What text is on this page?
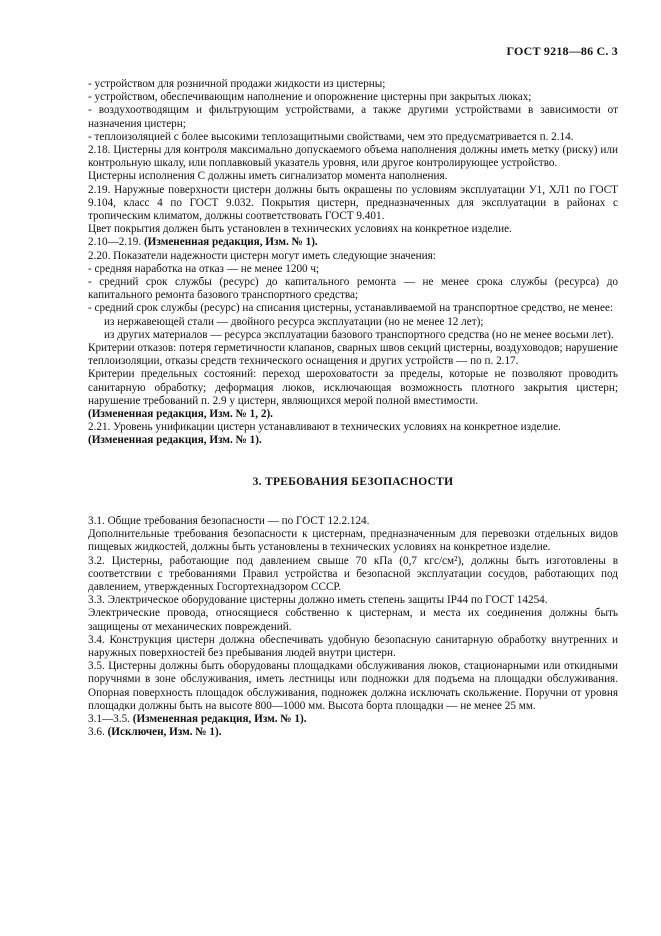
ГОСТ 9218—86 С. 3

- устройством для розничной продажи жидкости из цистерны;

- устройством, обеспечивающим наполнение и опорожнение цистерны при закрытых люках;

- воздухоотводящим и фильтрующим устройствами, а также другими устройствами в зависимости от назначения цистерн;

- теплоизоляцией с более высокими теплозащитными свойствами, чем это предусматривается п. 2.14.

2.18. Цистерны для контроля максимально допускаемого объема наполнения должны иметь метку (риску) или контрольную шкалу, или поплавковый указатель уровня, или другое контролирующее устройство.

Цистерны исполнения С должны иметь сигнализатор момента наполнения.

2.19. Наружные поверхности цистерн должны быть окрашены по условиям эксплуатации У1, ХЛ1 по ГОСТ 9.104, класс 4 по ГОСТ 9.032. Покрытия цистерн, предназначенных для эксплуатации в районах с тропическим климатом, должны соответствовать ГОСТ 9.401.

Цвет покрытия должен быть установлен в технических условиях на конкретное изделие.

2.10—2.19. (Измененная редакция, Изм. № 1).

2.20. Показатели надежности цистерн могут иметь следующие значения:

- средняя наработка на отказ — не менее 1200 ч;

- средний срок службы (ресурс) до капитального ремонта — не менее срока службы (ресурса) до капитального ремонта базового транспортного средства;

- средний срок службы (ресурс) на списания цистерны, устанавливаемой на транспортное средство, не менее:

из нержавеющей стали — двойного ресурса эксплуатации (но не менее 12 лет);

из других материалов — ресурса эксплуатации базового транспортного средства (но не менее восьми лет).

Критерии отказов: потеря герметичности клапанов, сварных швов секций цистерны, воздуховодов; нарушение теплоизоляции, отказы средств технического оснащения и других устройств — по п. 2.17.

Критерии предельных состояний: переход шероховатости за пределы, которые не позволяют проводить санитарную обработку; деформация люков, исключающая возможность плотного закрытия цистерн; нарушение требований п. 2.9 у цистерн, являющихся мерой полной вместимости.

(Измененная редакция, Изм. № 1, 2).

2.21. Уровень унификации цистерн устанавливают в технических условиях на конкретное изделие.

(Измененная редакция, Изм. № 1).

3. ТРЕБОВАНИЯ БЕЗОПАСНОСТИ

3.1. Общие требования безопасности — по ГОСТ 12.2.124.

Дополнительные требования безопасности к цистернам, предназначенным для перевозки отдельных видов пищевых жидкостей, должны быть установлены в технических условиях на конкретное изделие.

3.2. Цистерны, работающие под давлением свыше 70 кПа (0,7 кгс/см²), должны быть изготовлены в соответствии с требованиями Правил устройства и безопасной эксплуатации сосудов, работающих под давлением, утвержденных Госгортехнадзором СССР.

3.3. Электрическое оборудование цистерны должно иметь степень защиты IP44 по ГОСТ 14254.

Электрические провода, относящиеся собственно к цистернам, и места их соединения должны быть защищены от механических повреждений.

3.4. Конструкция цистерн должна обеспечивать удобную безопасную санитарную обработку внутренних и наружных поверхностей без пребывания людей внутри цистерн.

3.5. Цистерны должны быть оборудованы площадками обслуживания люков, стационарными или откидными поручнями в зоне обслуживания, иметь лестницы или подножки для подъема на площадки обслуживания. Опорная поверхность площадок обслуживания, подножек должна исключать скольжение. Поручни от уровня площадки должны быть на высоте 800—1000 мм. Высота борта площадки — не менее 25 мм.

3.1—3.5. (Измененная редакция, Изм. № 1).

3.6. (Исключен, Изм. № 1).
